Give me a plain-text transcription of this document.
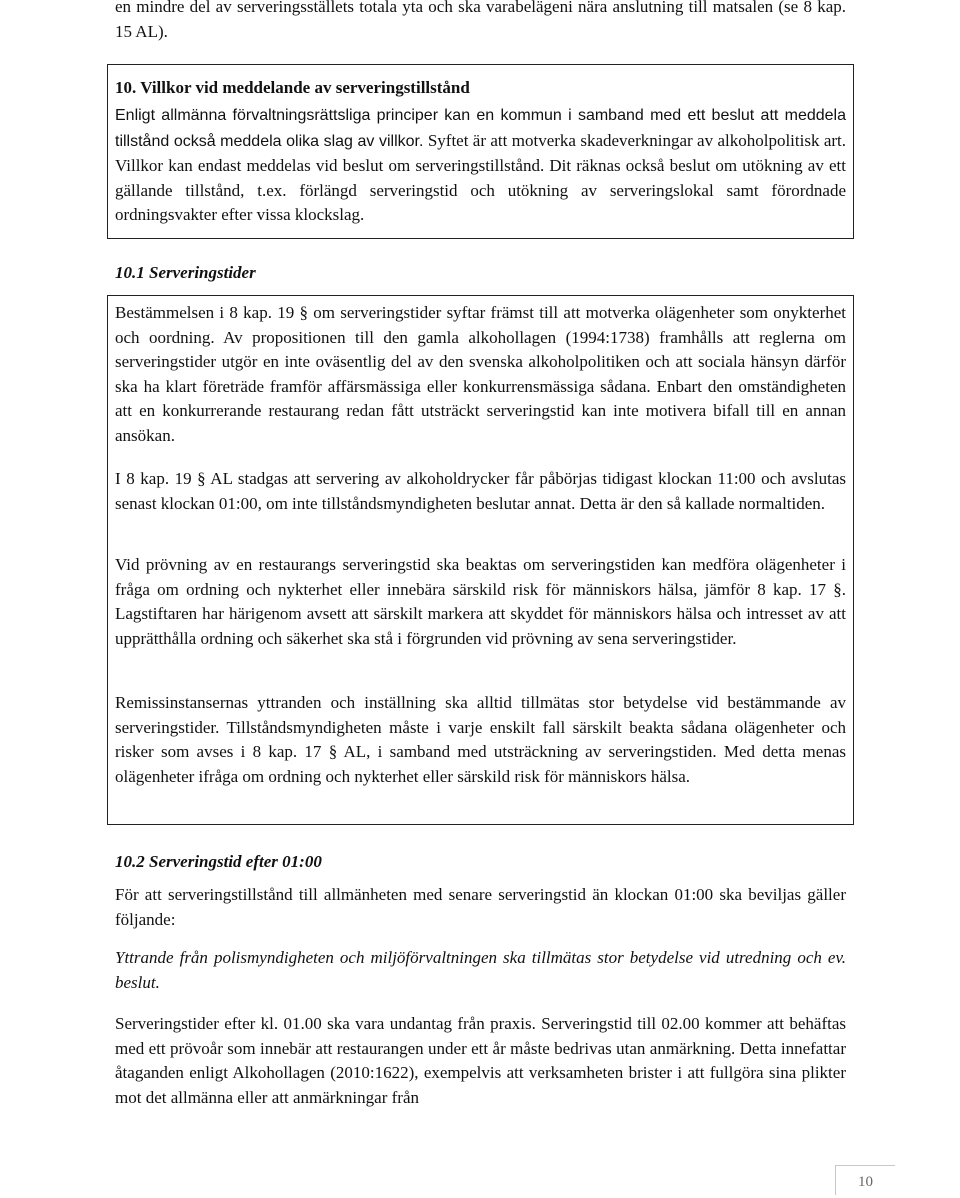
en mindre del av serveringsställets totala yta och ska varabelägeni nära anslutning till matsalen (se 8 kap. 15 AL).

10. Villkor vid meddelande av serveringstillstånd

Enligt allmänna förvaltningsrättsliga principer kan en kommun i samband med ett beslut att meddela tillstånd också meddela olika slag av villkor. Syftet är att motverka skadeverkningar av alkoholpolitisk art. Villkor kan endast meddelas vid beslut om serveringstillstånd. Dit räknas också beslut om utökning av ett gällande tillstånd, t.ex. förlängd serveringstid och utökning av serveringslokal samt förordnade ordningsvakter efter vissa klockslag.

10.1 Serveringstider

Bestämmelsen i 8 kap. 19 § om serveringstider syftar främst till att motverka olägenheter som onykterhet och oordning. Av propositionen till den gamla alkohollagen (1994:1738) framhålls att reglerna om serveringstider utgör en inte oväsentlig del av den svenska alkoholpolitiken och att sociala hänsyn därför ska ha klart företräde framför affärsmässiga eller konkurrensmässiga sådana. Enbart den omständigheten att en konkurrerande restaurang redan fått utsträckt serveringstid kan inte motivera bifall till en annan ansökan.

I 8 kap. 19 § AL stadgas att servering av alkoholdrycker får påbörjas tidigast klockan 11:00 och avslutas senast klockan 01:00, om inte tillståndsmyndigheten beslutar annat. Detta är den så kallade normaltiden.

Vid prövning av en restaurangs serveringstid ska beaktas om serveringstiden kan medföra olägenheter i fråga om ordning och nykterhet eller innebära särskild risk för människors hälsa, jämför 8 kap. 17 §. Lagstiftaren har härigenom avsett att särskilt markera att skyddet för människors hälsa och intresset av att upprätthålla ordning och säkerhet ska stå i förgrunden vid prövning av sena serveringstider.

Remissinstansernas yttranden och inställning ska alltid tillmätas stor betydelse vid bestämmande av serveringstider. Tillståndsmyndigheten måste i varje enskilt fall särskilt beakta sådana olägenheter och risker som avses i 8 kap. 17 § AL, i samband med utsträckning av serveringstiden. Med detta menas olägenheter ifråga om ordning och nykterhet eller särskild risk för människors hälsa.

10.2 Serveringstid efter 01:00

För att serveringstillstånd till allmänheten med senare serveringstid än klockan 01:00 ska beviljas gäller följande:

Yttrande från polismyndigheten och miljöförvaltningen ska tillmätas stor betydelse vid utredning och ev. beslut.

Serveringstider efter kl. 01.00 ska vara undantag från praxis. Serveringstid till 02.00 kommer att behäftas med ett prövoår som innebär att restaurangen under ett år måste bedrivas utan anmärkning. Detta innefattar åtaganden enligt Alkohollagen (2010:1622), exempelvis att verksamheten brister i att fullgöra sina plikter mot det allmänna eller att anmärkningar från

10
